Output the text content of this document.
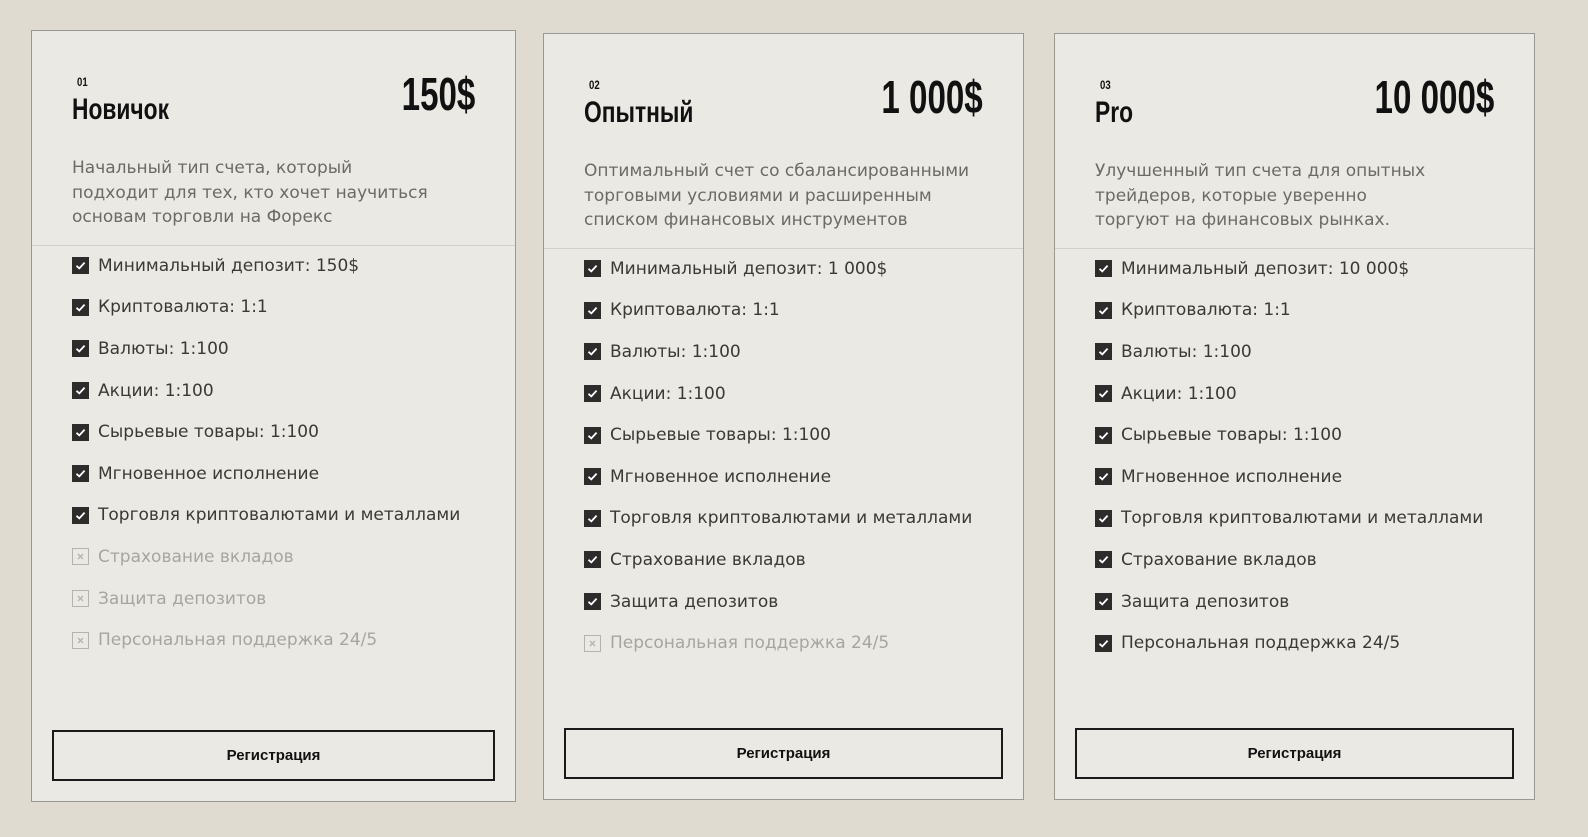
01
Новичок	150$

Начальный тип счета, который
подходит для тех, кто хочет научиться
основам торговли на Форекс

Минимальный депозит: 150$
Криптовалюта: 1:1
Валюты: 1:100
Акции: 1:100
Сырьевые товары: 1:100
Мгновенное исполнение
Торговля криптовалютами и металлами
Страхование вкладов
Защита депозитов
Персональная поддержка 24/5
Регистрация
02
Опытный	1 000$

Оптимальный счет со сбалансированными
торговыми условиями и расширенным
списком финансовых инструментов

Минимальный депозит: 1 000$
Криптовалюта: 1:1
Валюты: 1:100
Акции: 1:100
Сырьевые товары: 1:100
Мгновенное исполнение
Торговля криптовалютами и металлами
Страхование вкладов
Защита депозитов
Персональная поддержка 24/5
Регистрация
03
Pro	10 000$

Улучшенный тип счета для опытных
трейдеров, которые уверенно
торгуют на финансовых рынках.

Минимальный депозит: 10 000$
Криптовалюта: 1:1
Валюты: 1:100
Акции: 1:100
Сырьевые товары: 1:100
Мгновенное исполнение
Торговля криптовалютами и металлами
Страхование вкладов
Защита депозитов
Персональная поддержка 24/5
Регистрация
